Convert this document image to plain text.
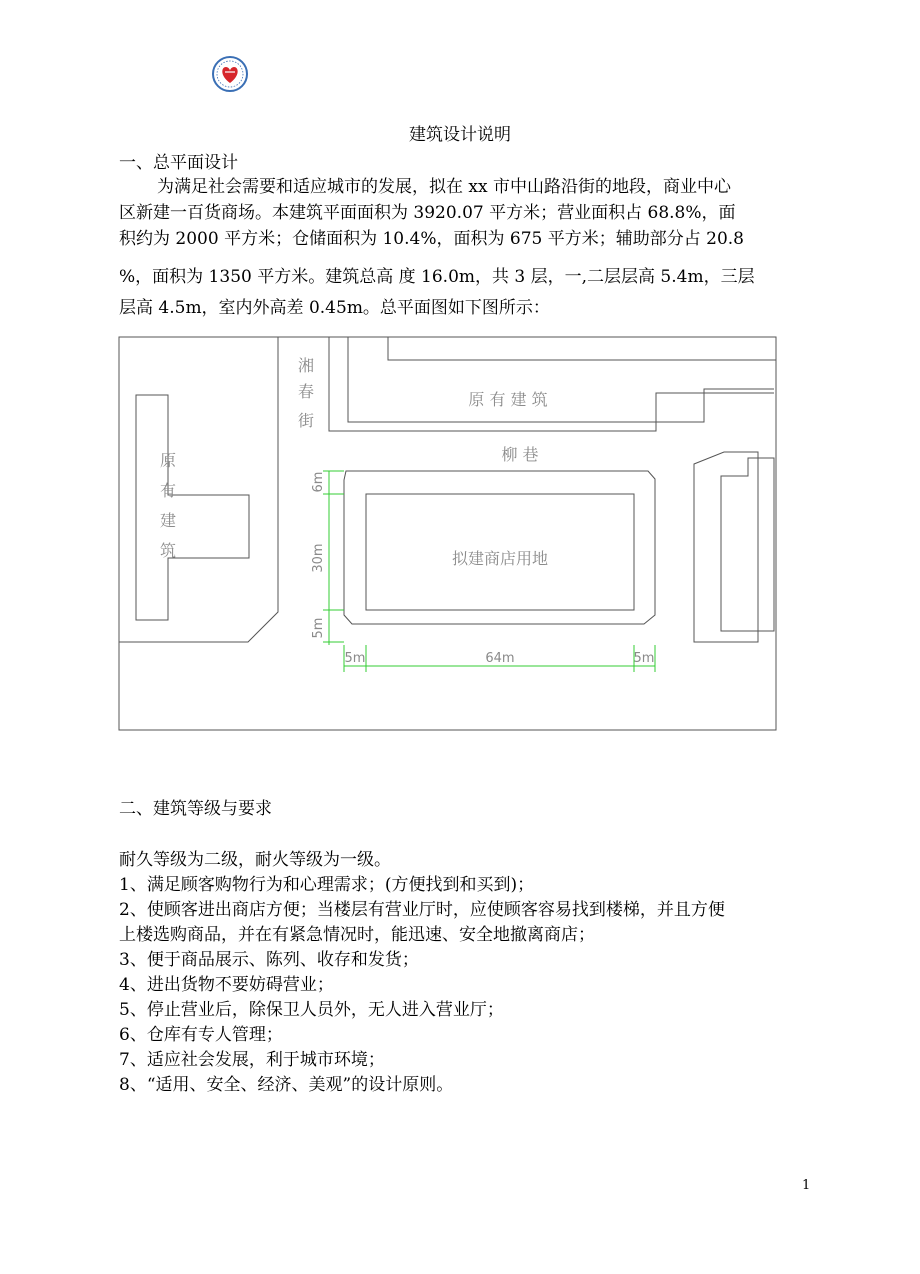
建筑设计说明
一、总平面设计
为满足社会需要和适应城市的发展，拟在 xx 市中山路沿街的地段，商业中心
区新建一百货商场。本建筑平面面积为 3920.07 平方米；营业面积占 68.8%，面
积约为 2000 平方米；仓储面积为 10.4%，面积为 675 平方米；辅助部分占 20.8
%，面积为 1350 平方米。建筑总高 度 16.0m，共 3 层，一,二层层高 5.4m，三层
层高 4.5m，室内外高差 0.45m。总平面图如下图所示：
湘
春
街
原 有 建 筑
柳 巷
原
有
建
筑	拟建商店用地
6m
30m
5m
5m	64m	5m
二、建筑等级与要求
耐久等级为二级，耐火等级为一级。
1、满足顾客购物行为和心理需求；(方便找到和买到)；
2、使顾客进出商店方便；当楼层有营业厅时，应使顾客容易找到楼梯，并且方便
上楼选购商品，并在有紧急情况时，能迅速、安全地撤离商店；
3、便于商品展示、陈列、收存和发货；
4、进出货物不要妨碍营业；
5、停止营业后，除保卫人员外，无人进入营业厅；
6、仓库有专人管理；
7、适应社会发展，利于城市环境；
8、“适用、安全、经济、美观”的设计原则。
1
